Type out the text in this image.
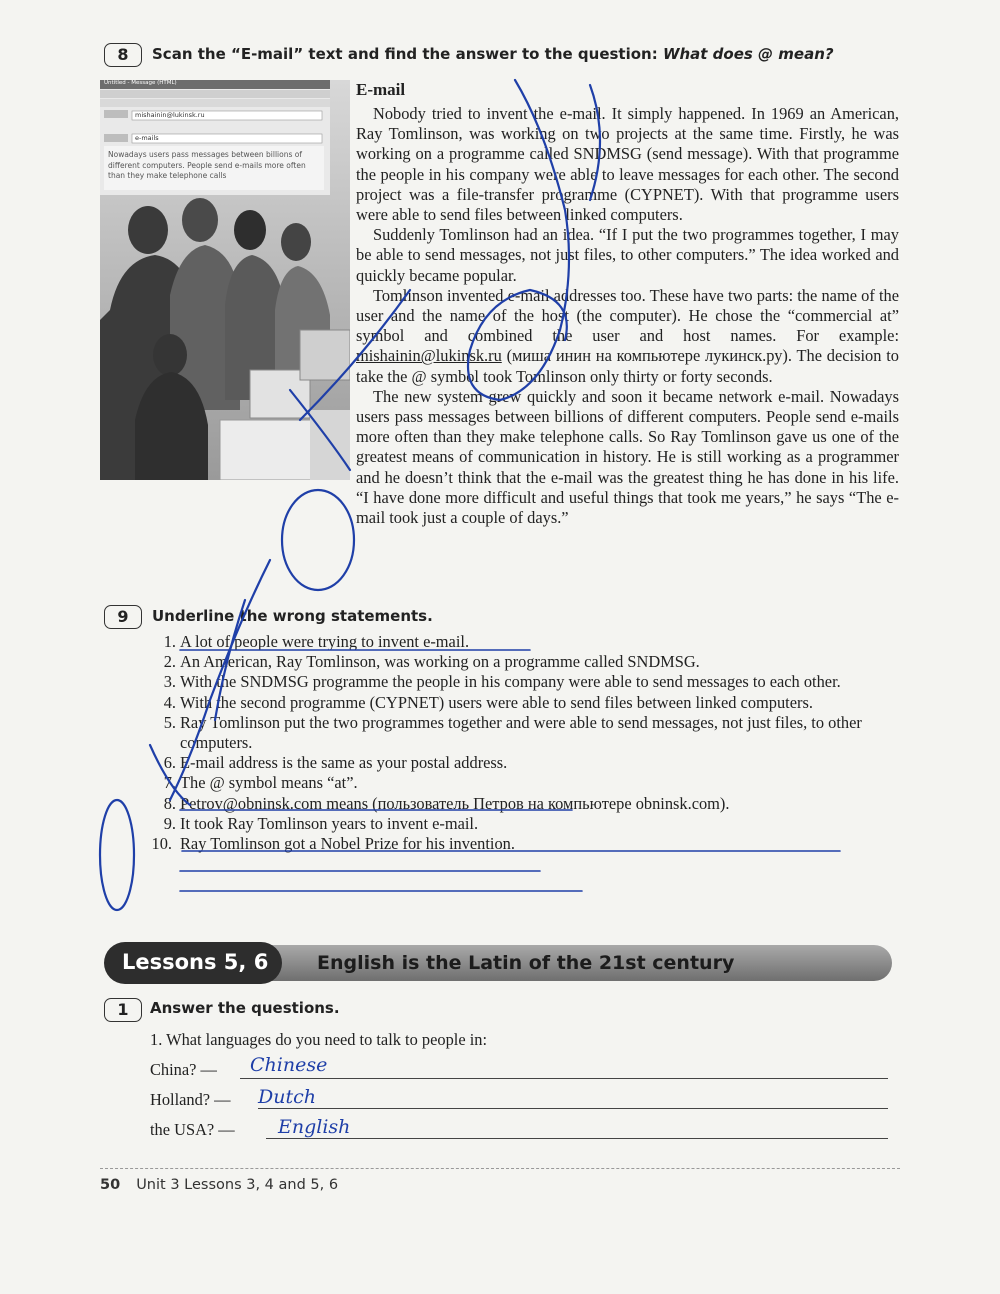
8	Scan the “E-mail” text and find the answer to the question: What does @ mean?
Untitled - Message (HTML)
mishainin@lukinsk.ru
e-mails
Nowadays users pass messages between billions of different computers. People send e-mails more often than they make telephone calls
E-mail

Nobody tried to invent the e-mail. It simply happened. In 1969 an American, Ray Tomlinson, was working on two projects at the same time. Firstly, he was working on a programme called SNDMSG (send message). With that programme the people in his company were able to leave messages for each other. The second project was a file-transfer programme (CYPNET). With that programme users were able to send files between linked computers.

Suddenly Tomlinson had an idea. “If I put the two programmes together, I may be able to send messages, not just files, to other computers.” The idea worked and quickly became popular.

Tomlinson invented e-mail addresses too. These have two parts: the name of the user and the name of the host (the computer). He chose the “commercial at” symbol and combined the user and host names. For example: mishainin@lukinsk.ru (миша инин на компьютере лукинск.ру). The decision to take the @ symbol took Tomlinson only thirty or forty seconds.

The new system grew quickly and soon it became network e-mail. Nowadays users pass messages between billions of different computers. People send e-mails more often than they make telephone calls. So Ray Tomlinson gave us one of the greatest means of communication in history. He is still working as a programmer and he doesn’t think that the e-mail was the greatest thing he has done in his life. “I have done more difficult and useful things that took me years,” he says “The e-mail took just a couple of days.”

9	Underline the wrong statements.
1. A lot of people were trying to invent e-mail.
2. An American, Ray Tomlinson, was working on a programme called SNDMSG.
3. With the SNDMSG programme the people in his company were able to send messages to each other.
4. With the second programme (CYPNET) users were able to send files between linked computers.
5. Ray Tomlinson put the two programmes together and were able to send messages, not just files, to other computers.
6. E-mail address is the same as your postal address.
7. The @ symbol means “at”.
8. Petrov@obninsk.com means (пользователь Петров на компьютере obninsk.com).
9. It took Ray Tomlinson years to invent e-mail.
10. Ray Tomlinson got a Nobel Prize for his invention.
Lessons 5, 6	English is the Latin of the 21st century
1	Answer the questions.
1. What languages do you need to talk to people in:
China? — Chinese
Holland? — Dutch
the USA? — English
50 Unit 3 Lessons 3, 4 and 5, 6
